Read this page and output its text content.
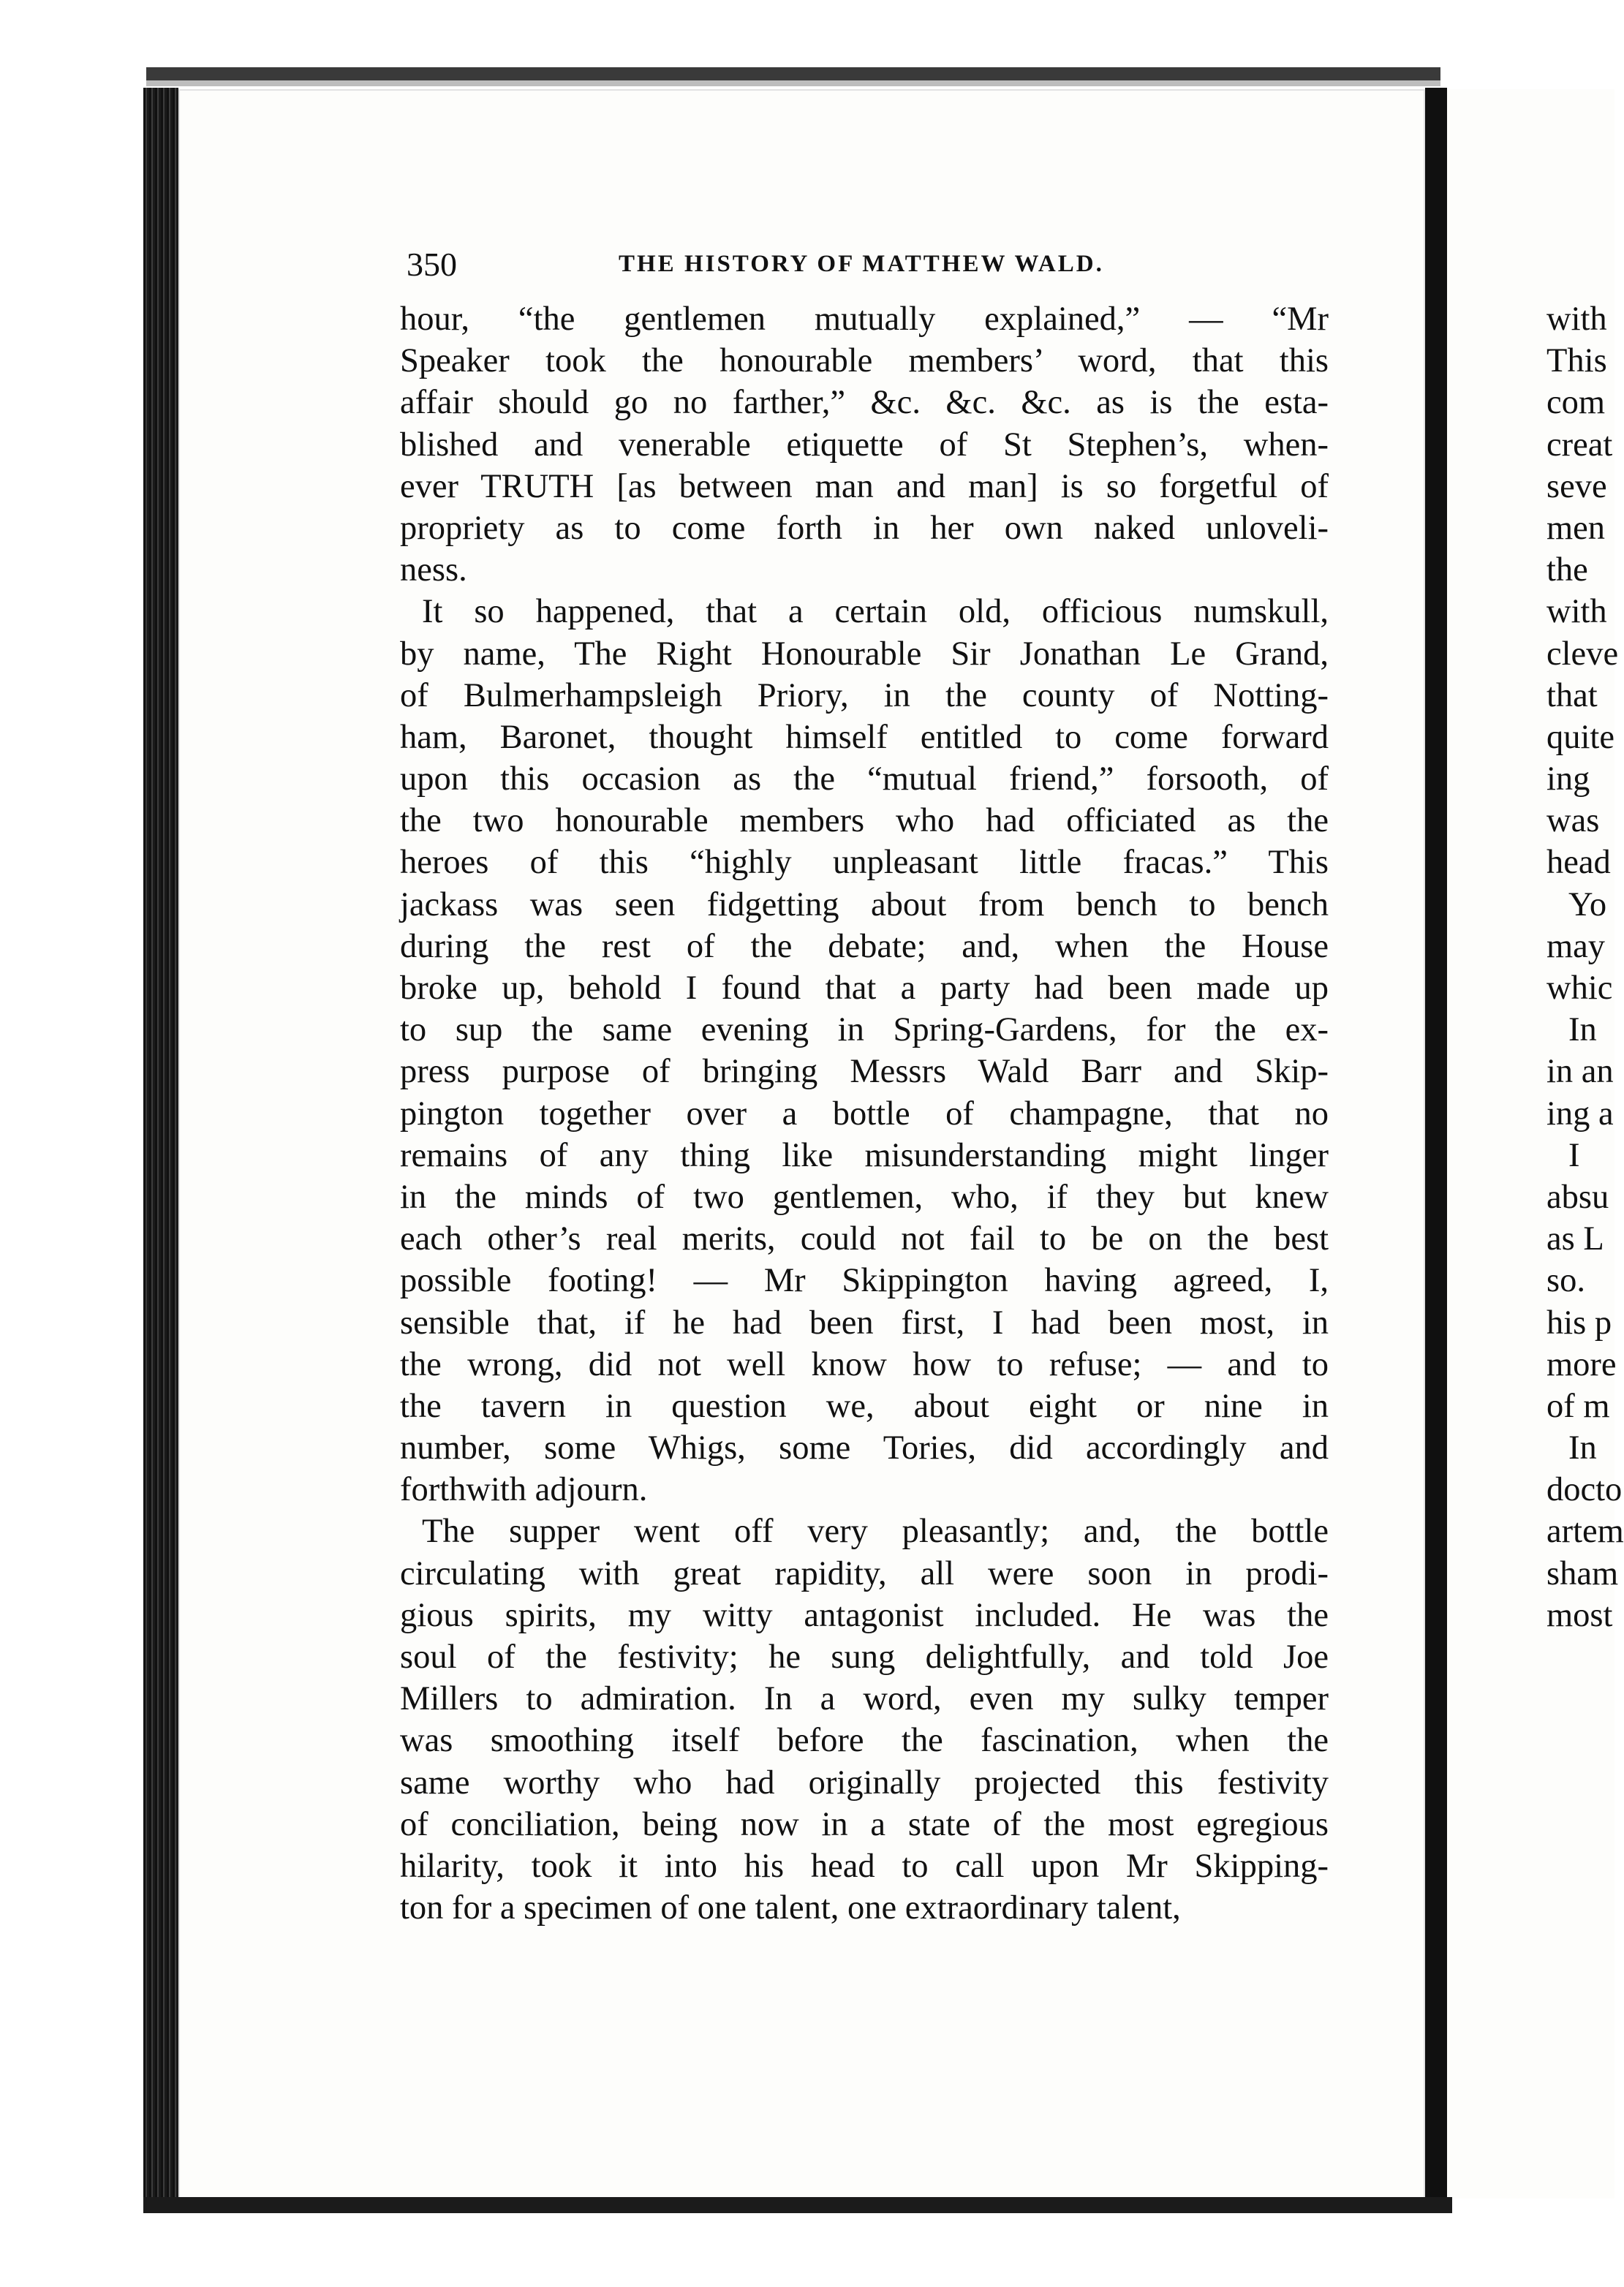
350	THE HISTORY OF MATTHEW WALD.
hour, “the gentlemen mutually explained,” — “Mr
Speaker took the honourable members’ word, that this
affair should go no farther,” &c. &c. &c. as is the esta-
blished and venerable etiquette of St Stephen’s, when-
ever TRUTH [as between man and man] is so forgetful of
propriety as to come forth in her own naked unloveli-
ness.
It so happened, that a certain old, officious numskull,
by name, The Right Honourable Sir Jonathan Le Grand,
of Bulmerhampsleigh Priory, in the county of Notting-
ham, Baronet, thought himself entitled to come forward
upon this occasion as the “mutual friend,” forsooth, of
the two honourable members who had officiated as the
heroes of this “highly unpleasant little fracas.” This
jackass was seen fidgetting about from bench to bench
during the rest of the debate; and, when the House
broke up, behold I found that a party had been made up
to sup the same evening in Spring-Gardens, for the ex-
press purpose of bringing Messrs Wald Barr and Skip-
pington together over a bottle of champagne, that no
remains of any thing like misunderstanding might linger
in the minds of two gentlemen, who, if they but knew
each other’s real merits, could not fail to be on the best
possible footing! — Mr Skippington having agreed, I,
sensible that, if he had been first, I had been most, in
the wrong, did not well know how to refuse; — and to
the tavern in question we, about eight or nine in
number, some Whigs, some Tories, did accordingly and
forthwith adjourn.
The supper went off very pleasantly; and, the bottle
circulating with great rapidity, all were soon in prodi-
gious spirits, my witty antagonist included. He was the
soul of the festivity; he sung delightfully, and told Joe
Millers to admiration. In a word, even my sulky temper
was smoothing itself before the fascination, when the
same worthy who had originally projected this festivity
of conciliation, being now in a state of the most egregious
hilarity, took it into his head to call upon Mr Skipping-
ton for a specimen of one talent, one extraordinary talent,
with
This
com
creat
seve
men
the
with
cleve
that
quite
ing
was
head
Yo
may
whic
In
in an
ing a
I
absu
as L
so.
his p
more
of m
In
docto
artem
sham
most
